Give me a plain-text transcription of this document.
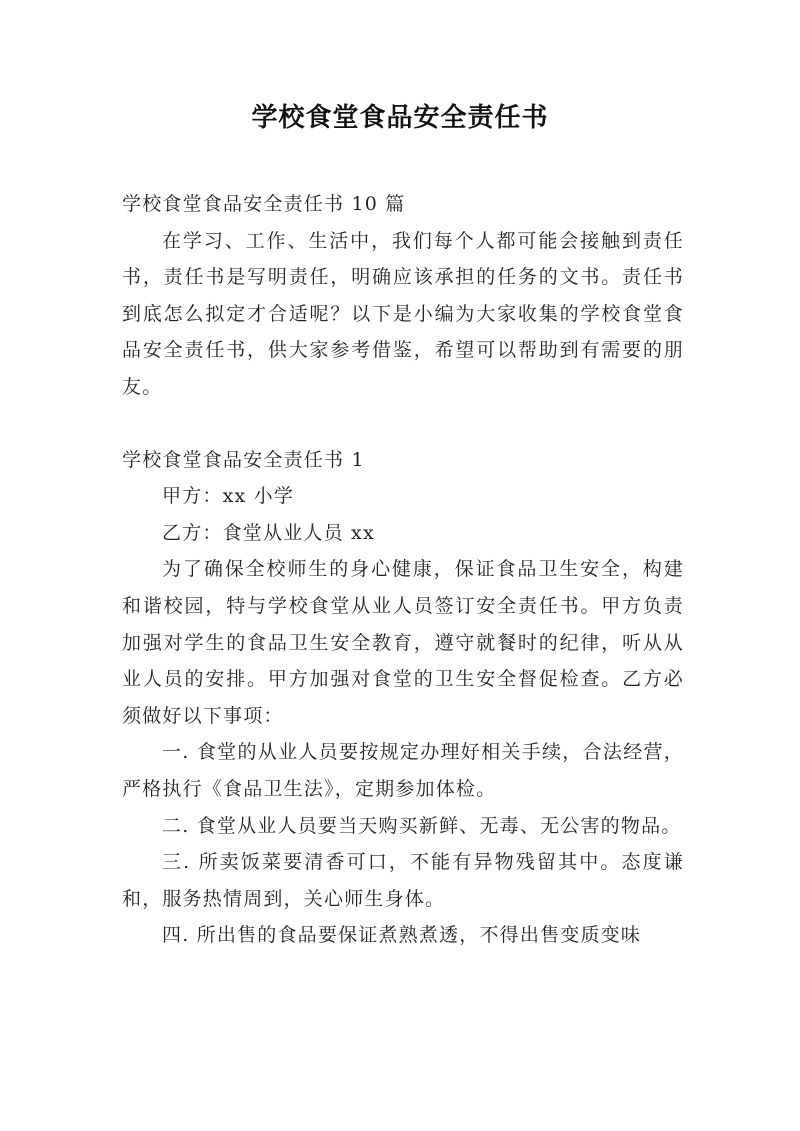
学校食堂食品安全责任书

学校食堂食品安全责任书 10 篇

在学习、工作、生活中，我们每个人都可能会接触到责任书，责任书是写明责任，明确应该承担的任务的文书。责任书到底怎么拟定才合适呢？以下是小编为大家收集的学校食堂食品安全责任书，供大家参考借鉴，希望可以帮助到有需要的朋友。

学校食堂食品安全责任书 1

甲方：xx 小学

乙方：食堂从业人员 xx

为了确保全校师生的身心健康，保证食品卫生安全，构建和谐校园，特与学校食堂从业人员签订安全责任书。甲方负责加强对学生的食品卫生安全教育，遵守就餐时的纪律，听从从业人员的安排。甲方加强对食堂的卫生安全督促检查。乙方必须做好以下事项：

一. 食堂的从业人员要按规定办理好相关手续，合法经营，严格执行《食品卫生法》，定期参加体检。

二. 食堂从业人员要当天购买新鲜、无毒、无公害的物品。

三. 所卖饭菜要清香可口，不能有异物残留其中。态度谦和，服务热情周到，关心师生身体。

四. 所出售的食品要保证煮熟煮透，不得出售变质变味
